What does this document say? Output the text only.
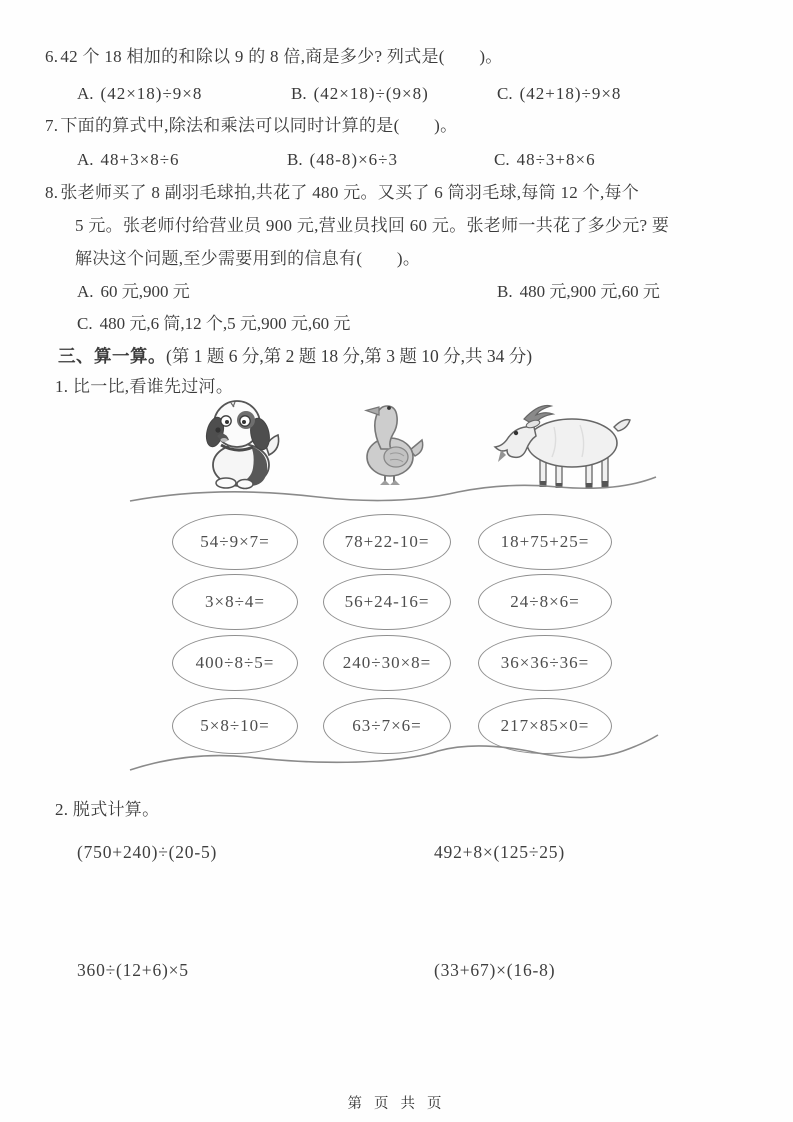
6. 42 个 18 相加的和除以 9 的 8 倍,商是多少? 列式是(　　)。
A. (42×18)÷9×8	B. (42×18)÷(9×8)	C. (42+18)÷9×8
7. 下面的算式中,除法和乘法可以同时计算的是(　　)。
A. 48+3×8÷6	B. (48-8)×6÷3	C. 48÷3+8×6
8. 张老师买了 8 副羽毛球拍,共花了 480 元。又买了 6 筒羽毛球,每筒 12 个,每个
5 元。张老师付给营业员 900 元,营业员找回 60 元。张老师一共花了多少元? 要
解决这个问题,至少需要用到的信息有(　　)。
A. 60 元,900 元	B. 480 元,900 元,60 元
C. 480 元,6 筒,12 个,5 元,900 元,60 元
三、算一算。(第 1 题 6 分,第 2 题 18 分,第 3 题 10 分,共 34 分)
1. 比一比,看谁先过河。
54÷9×7=	78+22-10=	18+75+25=
3×8÷4=	56+24-16=	24÷8×6=
400÷8÷5=	240÷30×8=	36×36÷36=
5×8÷10=	63÷7×6=	217×85×0=
2. 脱式计算。
(750+240)÷(20-5)	492+8×(125÷25)
360÷(12+6)×5	(33+67)×(16-8)
第 页 共 页
